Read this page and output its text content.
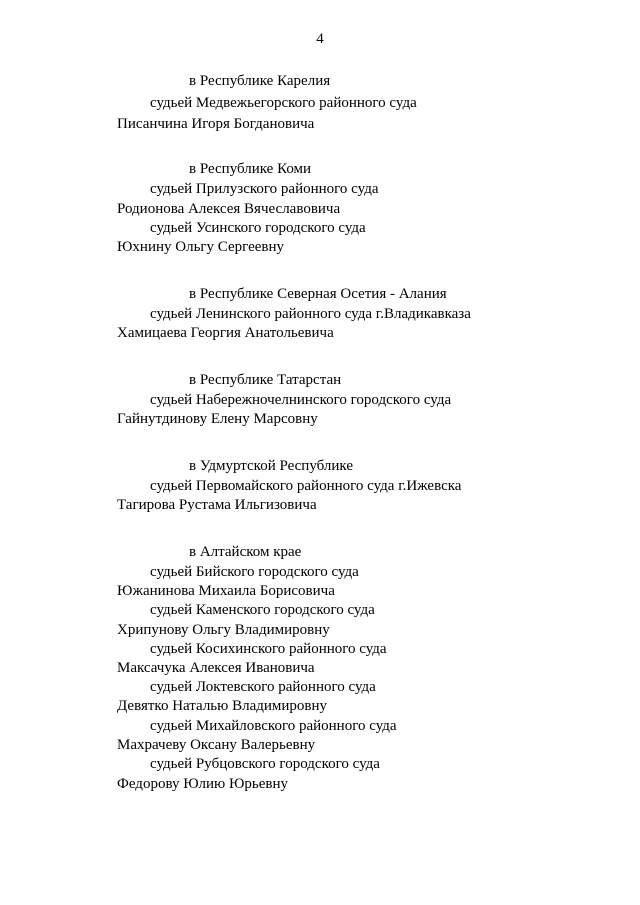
4
в Республике Карелия
судьей Медвежьегорского районного суда
Писанчина Игоря Богдановича
в Республике Коми
судьей Прилузского районного суда
Родионова Алексея Вячеславовича
судьей Усинского городского суда
Юхнину Ольгу Сергеевну
в Республике Северная Осетия - Алания
судьей Ленинского районного суда г.Владикавказа
Хамицаева Георгия Анатольевича
в Республике Татарстан
судьей Набережночелнинского городского суда
Гайнутдинову Елену Марсовну
в Удмуртской Республике
судьей Первомайского районного суда г.Ижевска
Тагирова Рустама Ильгизовича
в Алтайском крае
судьей Бийского городского суда
Южанинова Михаила Борисовича
судьей Каменского городского суда
Хрипунову Ольгу Владимировну
судьей Косихинского районного суда
Максачука Алексея Ивановича
судьей Локтевского районного суда
Девятко Наталью Владимировну
судьей Михайловского районного суда
Махрачеву Оксану Валерьевну
судьей Рубцовского городского суда
Федорову Юлию Юрьевну
